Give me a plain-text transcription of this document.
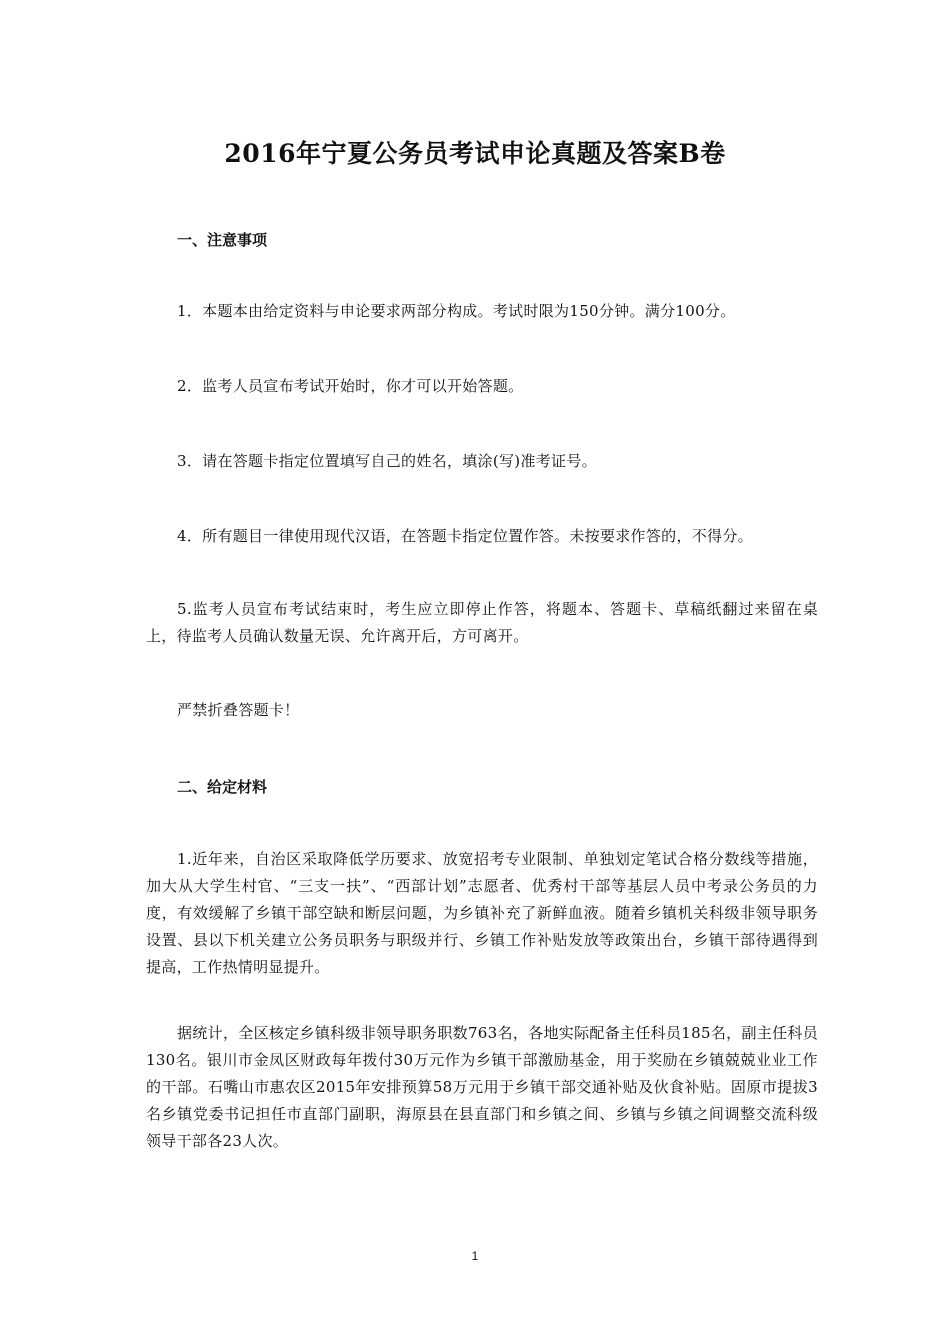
2016年宁夏公务员考试申论真题及答案B卷
一、注意事项

1．本题本由给定资料与申论要求两部分构成。考试时限为150分钟。满分100分。

2．监考人员宣布考试开始时，你才可以开始答题。

3．请在答题卡指定位置填写自己的姓名，填涂(写)准考证号。

4．所有题目一律使用现代汉语，在答题卡指定位置作答。未按要求作答的，不得分。

5.监考人员宣布考试结束时，考生应立即停止作答，将题本、答题卡、草稿纸翻过来留在桌上，待监考人员确认数量无误、允许离开后，方可离开。

严禁折叠答题卡！

二、给定材料

1.近年来，自治区采取降低学历要求、放宽招考专业限制、单独划定笔试合格分数线等措施，加大从大学生村官、“三支一扶”、“西部计划”志愿者、优秀村干部等基层人员中考录公务员的力度，有效缓解了乡镇干部空缺和断层问题，为乡镇补充了新鲜血液。随着乡镇机关科级非领导职务设置、县以下机关建立公务员职务与职级并行、乡镇工作补贴发放等政策出台，乡镇干部待遇得到提高，工作热情明显提升。

据统计，全区核定乡镇科级非领导职务职数763名，各地实际配备主任科员185名，副主任科员130名。银川市金凤区财政每年拨付30万元作为乡镇干部激励基金，用于奖励在乡镇兢兢业业工作的干部。石嘴山市惠农区2015年安排预算58万元用于乡镇干部交通补贴及伙食补贴。固原市提拔3名乡镇党委书记担任市直部门副职，海原县在县直部门和乡镇之间、乡镇与乡镇之间调整交流科级领导干部各23人次。

1
